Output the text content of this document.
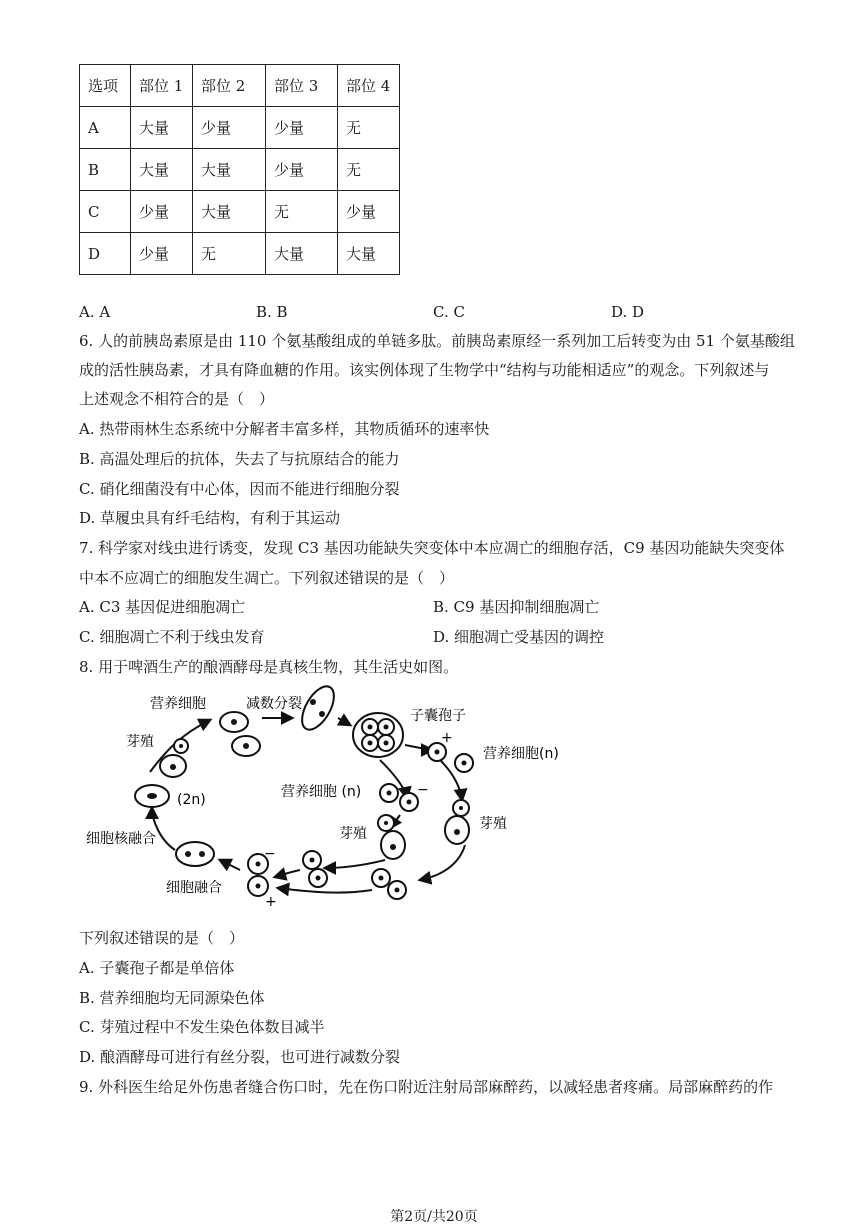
选项	部位 1	部位 2	部位 3	部位 4
A	大量	少量	少量	无
B	大量	大量	少量	无
C	少量	大量	无	少量
D	少量	无	大量	大量
A. A	B. B	C. C	D. D
6. 人的前胰岛素原是由 110 个氨基酸组成的单链多肽。前胰岛素原经一系列加工后转变为由 51 个氨基酸组
成的活性胰岛素，才具有降血糖的作用。该实例体现了生物学中“结构与功能相适应”的观念。下列叙述与
上述观念不相符合的是（　）
A. 热带雨林生态系统中分解者丰富多样，其物质循环的速率快
B. 高温处理后的抗体，失去了与抗原结合的能力
C. 硝化细菌没有中心体，因而不能进行细胞分裂
D. 草履虫具有纤毛结构，有利于其运动
7. 科学家对线虫进行诱变，发现 C3 基因功能缺失突变体中本应凋亡的细胞存活，C9 基因功能缺失突变体
中本不应凋亡的细胞发生凋亡。下列叙述错误的是（　）
A. C3 基因促进细胞凋亡	B. C9 基因抑制细胞凋亡
C. 细胞凋亡不利于线虫发育	D. 细胞凋亡受基因的调控
8. 用于啤酒生产的酿酒酵母是真核生物，其生活史如图。
营养细胞	减数分裂
子囊孢子
芽殖
营养细胞(n)
(2n)	营养细胞 (n)
芽殖
芽殖
细胞核融合
细胞融合
+
−
−
+
下列叙述错误的是（　）
A. 子囊孢子都是单倍体
B. 营养细胞均无同源染色体
C. 芽殖过程中不发生染色体数目减半
D. 酿酒酵母可进行有丝分裂，也可进行减数分裂
9. 外科医生给足外伤患者缝合伤口时，先在伤口附近注射局部麻醉药，以减轻患者疼痛。局部麻醉药的作
第2页/共20页
